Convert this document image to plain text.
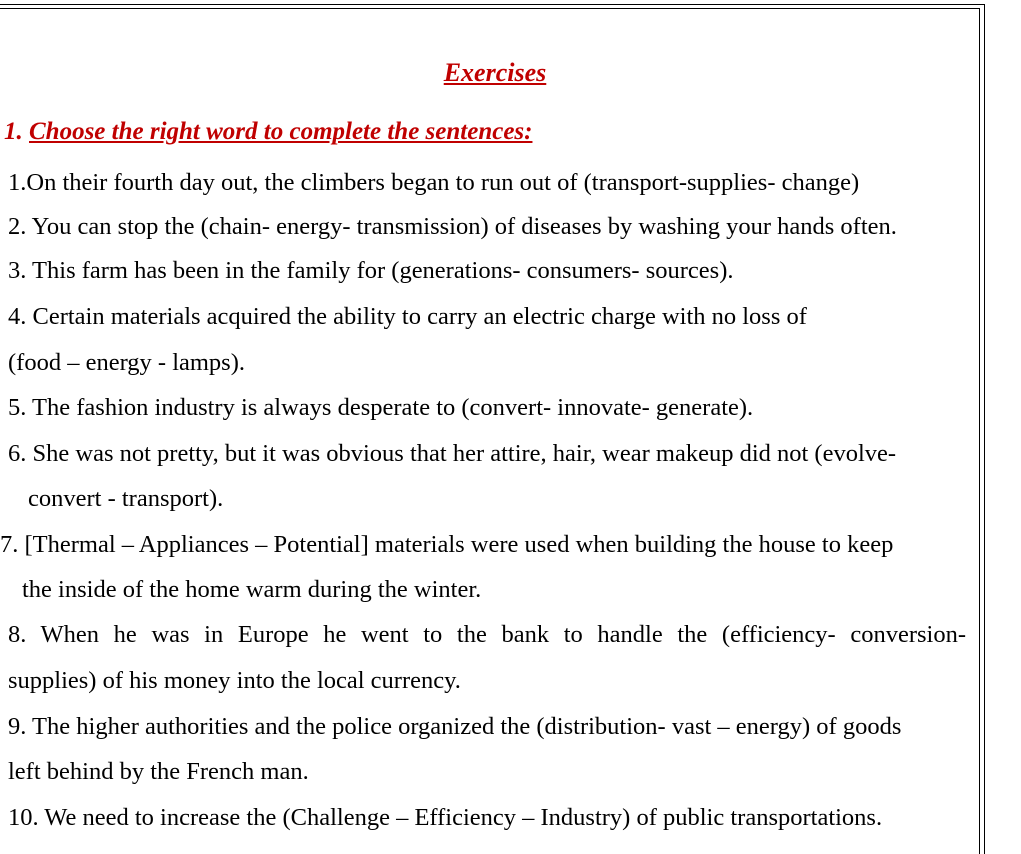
Exercises
1. Choose the right word to complete the sentences:
1.On their fourth day out, the climbers began to run out of (transport-supplies- change)
2. You can stop the (chain- energy- transmission) of diseases by washing your hands often.
3. This farm has been in the family for (generations- consumers- sources).
4. Certain materials acquired the ability to carry an electric charge with no loss of
(food – energy - lamps).
5. The fashion industry is always desperate to (convert- innovate- generate).
6. She was not pretty, but it was obvious that her attire, hair, wear makeup did not (evolve-
convert - transport).
7. [Thermal – Appliances – Potential] materials were used when building the house to keep
the inside of the home warm during the winter.
8. When he was in Europe he went to the bank to handle the (efficiency- conversion-
supplies) of his money into the local currency.
9. The higher authorities and the police organized the (distribution- vast – energy) of goods
left behind by the French man.
10. We need to increase the (Challenge – Efficiency – Industry) of public transportations.
